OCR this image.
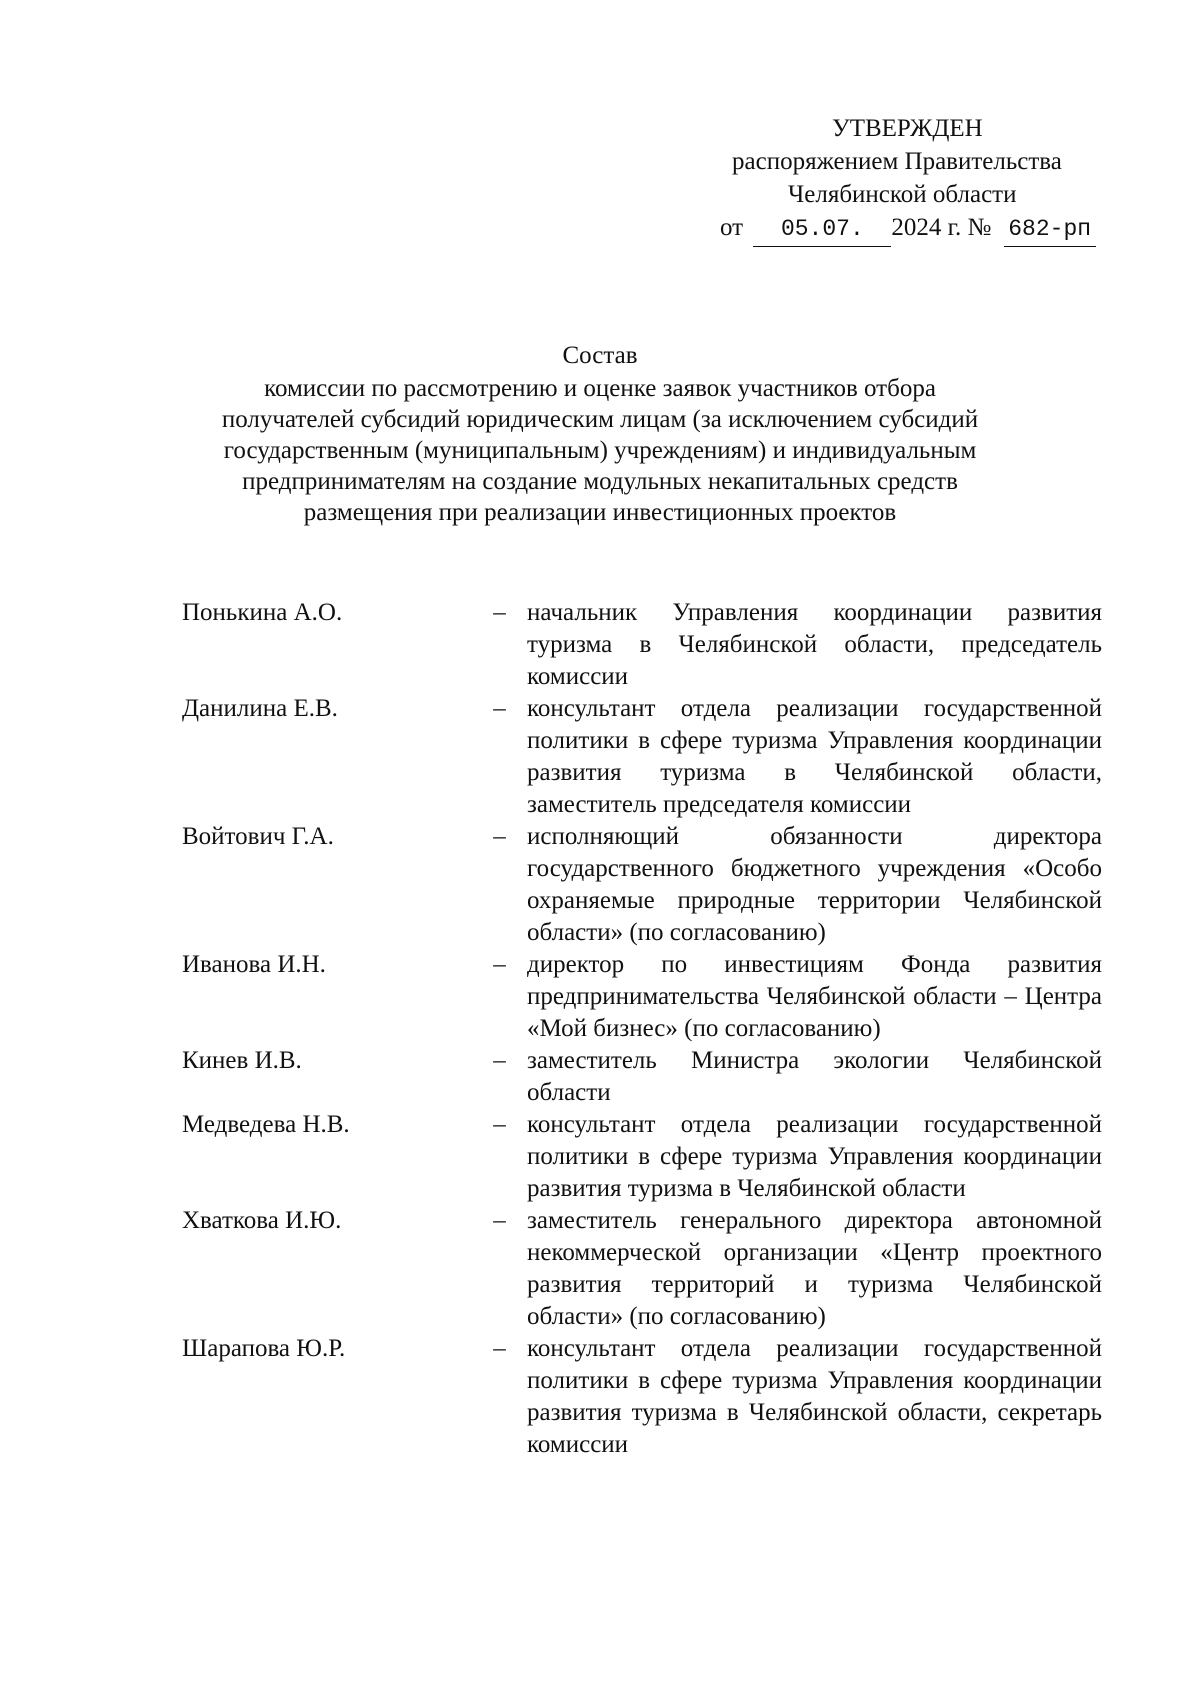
УТВЕРЖДЕН
распоряжением Правительства
Челябинской области
от 05.07. 2024 г. № 682-рп
Состав
комиссии по рассмотрению и оценке заявок участников отбора
получателей субсидий юридическим лицам (за исключением субсидий
государственным (муниципальным) учреждениям) и индивидуальным
предпринимателям на создание модульных некапитальных средств
размещения при реализации инвестиционных проектов
Понькина А.О.	– начальник Управления координации развития туризма в Челябинской области, председатель комиссии
Данилина Е.В.	– консультант отдела реализации государственной политики в сфере туризма Управления координации развития туризма в Челябинской области, заместитель председателя комиссии
Войтович Г.А.	– исполняющий обязанности директора государственного бюджетного учреждения «Особо охраняемые природные территории Челябинской области» (по согласованию)
Иванова И.Н.	– директор по инвестициям Фонда развития предпринимательства Челябинской области – Центра «Мой бизнес» (по согласованию)
Кинев И.В.	– заместитель Министра экологии Челябинской области
Медведева Н.В.	– консультант отдела реализации государственной политики в сфере туризма Управления координации развития туризма в Челябинской области
Хваткова И.Ю.	– заместитель генерального директора автономной некоммерческой организации «Центр проектного развития территорий и туризма Челябинской области» (по согласованию)
Шарапова Ю.Р.	– консультант отдела реализации государственной политики в сфере туризма Управления координации развития туризма в Челябинской области, секретарь комиссии
